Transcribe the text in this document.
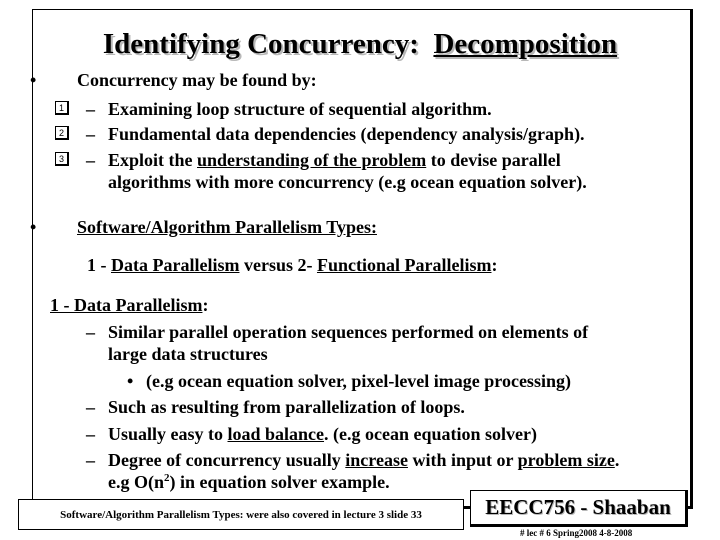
Identifying Concurrency: Decomposition
• Concurrency may be found by:
1 – Examining loop structure of sequential algorithm.
2 – Fundamental data dependencies (dependency analysis/graph).
3 – Exploit the understanding of the problem to devise parallel
algorithms with more concurrency (e.g ocean equation solver).
• Software/Algorithm Parallelism Types:
1 - Data Parallelism versus 2- Functional Parallelism:
1 - Data Parallelism:
– Similar parallel operation sequences performed on elements of
large data structures
• (e.g ocean equation solver, pixel-level image processing)
– Such as resulting from parallelization of loops.
– Usually easy to load balance. (e.g ocean equation solver)
– Degree of concurrency usually increase with input or problem size.
e.g $O(n^2)$ in equation solver example.
Software/Algorithm Parallelism Types: were also covered in lecture 3 slide 33	EECC756 - Shaaban
# lec # 6 Spring2008 4-8-2008
